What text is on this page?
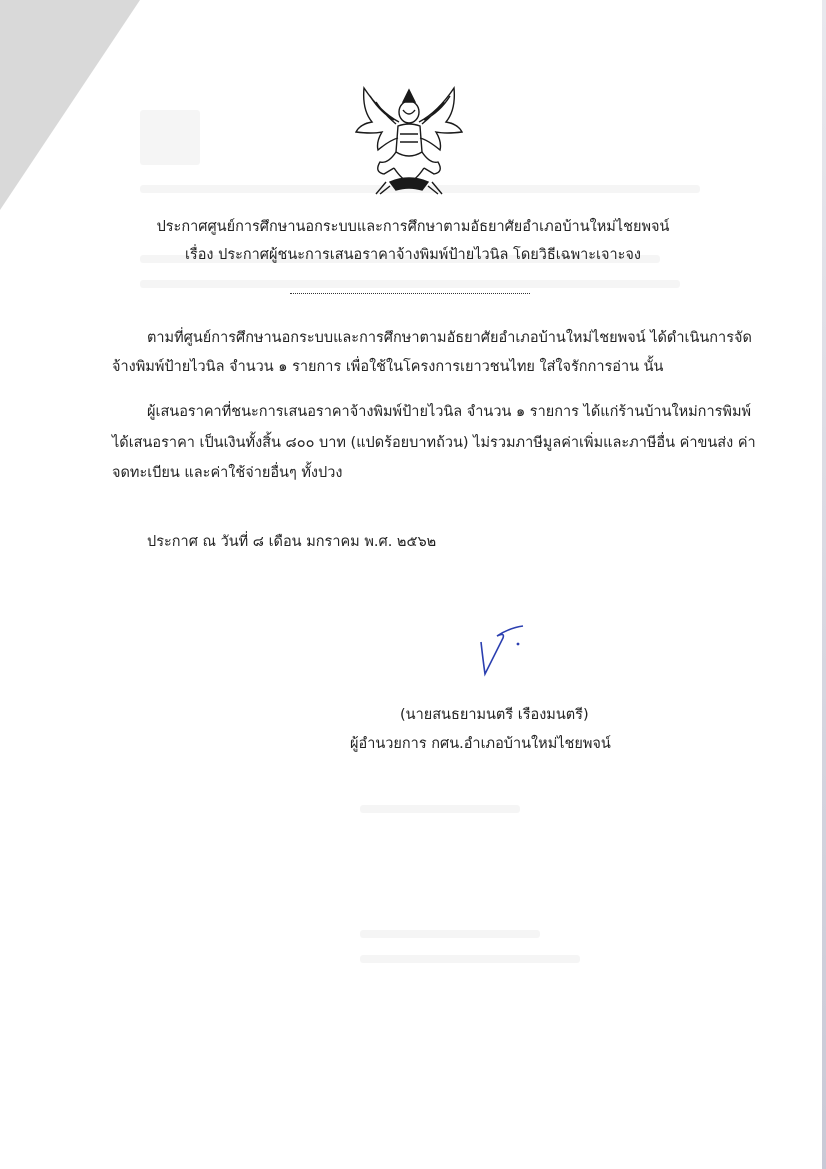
ประกาศศูนย์การศึกษานอกระบบและการศึกษาตามอัธยาศัยอำเภอบ้านใหม่ไชยพจน์
เรื่อง ประกาศผู้ชนะการเสนอราคาจ้างพิมพ์ป้ายไวนิล โดยวิธีเฉพาะเจาะจง
ตามที่ศูนย์การศึกษานอกระบบและการศึกษาตามอัธยาศัยอำเภอบ้านใหม่ไชยพจน์ ได้ดำเนินการจัด
จ้างพิมพ์ป้ายไวนิล จำนวน ๑ รายการ เพื่อใช้ในโครงการเยาวชนไทย ใส่ใจรักการอ่าน นั้น
ผู้เสนอราคาที่ชนะการเสนอราคาจ้างพิมพ์ป้ายไวนิล จำนวน ๑ รายการ ได้แก่ร้านบ้านใหม่การพิมพ์
ได้เสนอราคา เป็นเงินทั้งสิ้น ๘๐๐ บาท (แปดร้อยบาทถ้วน) ไม่รวมภาษีมูลค่าเพิ่มและภาษีอื่น ค่าขนส่ง ค่า
จดทะเบียน และค่าใช้จ่ายอื่นๆ ทั้งปวง
ประกาศ ณ วันที่ ๘ เดือน มกราคม พ.ศ. ๒๕๖๒
(นายสนธยามนตรี เรืองมนตรี)
ผู้อำนวยการ กศน.อำเภอบ้านใหม่ไชยพจน์
